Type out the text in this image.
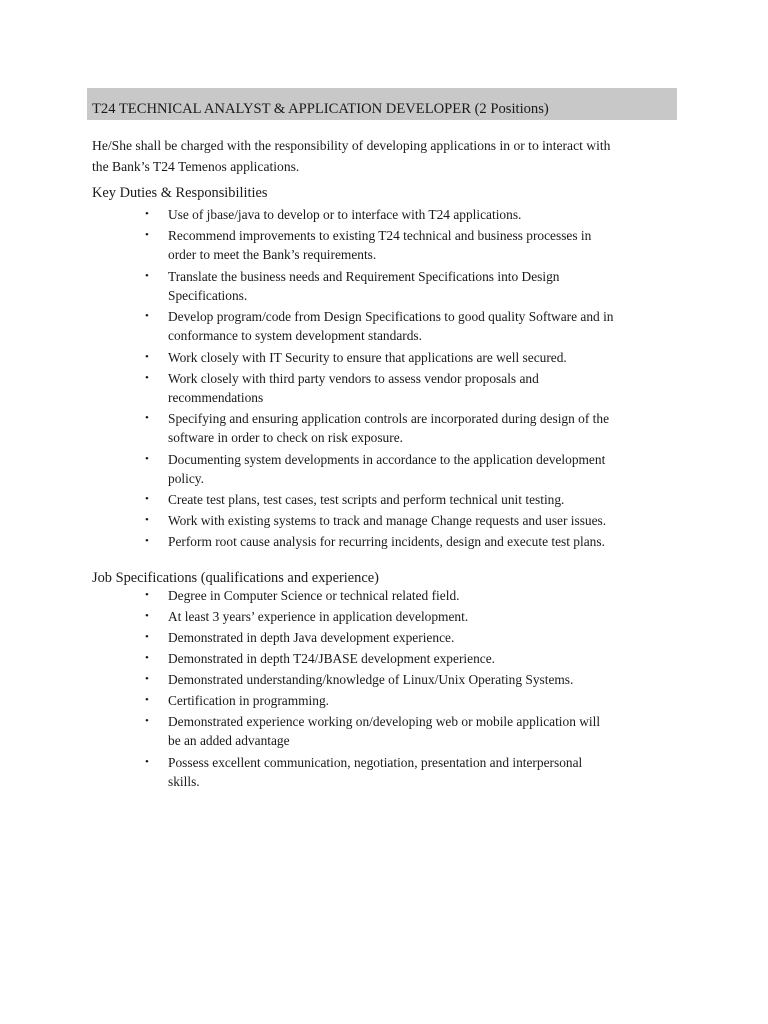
T24 TECHNICAL ANALYST & APPLICATION DEVELOPER (2 Positions)
He/She shall be charged with the responsibility of developing applications in or to interact with
the Bank’s T24 Temenos applications.
Key Duties & Responsibilities
• Use of jbase/java to develop or to interface with T24 applications.
• Recommend improvements to existing T24 technical and business processes in
order to meet the Bank’s requirements.
• Translate the business needs and Requirement Specifications into Design
Specifications.
• Develop program/code from Design Specifications to good quality Software and in
conformance to system development standards.
• Work closely with IT Security to ensure that applications are well secured.
• Work closely with third party vendors to assess vendor proposals and
recommendations
• Specifying and ensuring application controls are incorporated during design of the
software in order to check on risk exposure.
• Documenting system developments in accordance to the application development
policy.
• Create test plans, test cases, test scripts and perform technical unit testing.
• Work with existing systems to track and manage Change requests and user issues.
• Perform root cause analysis for recurring incidents, design and execute test plans.
Job Specifications (qualifications and experience)
• Degree in Computer Science or technical related field.
• At least 3 years’ experience in application development.
• Demonstrated in depth Java development experience.
• Demonstrated in depth T24/JBASE development experience.
• Demonstrated understanding/knowledge of Linux/Unix Operating Systems.
• Certification in programming.
• Demonstrated experience working on/developing web or mobile application will
be an added advantage
• Possess excellent communication, negotiation, presentation and interpersonal
skills.
